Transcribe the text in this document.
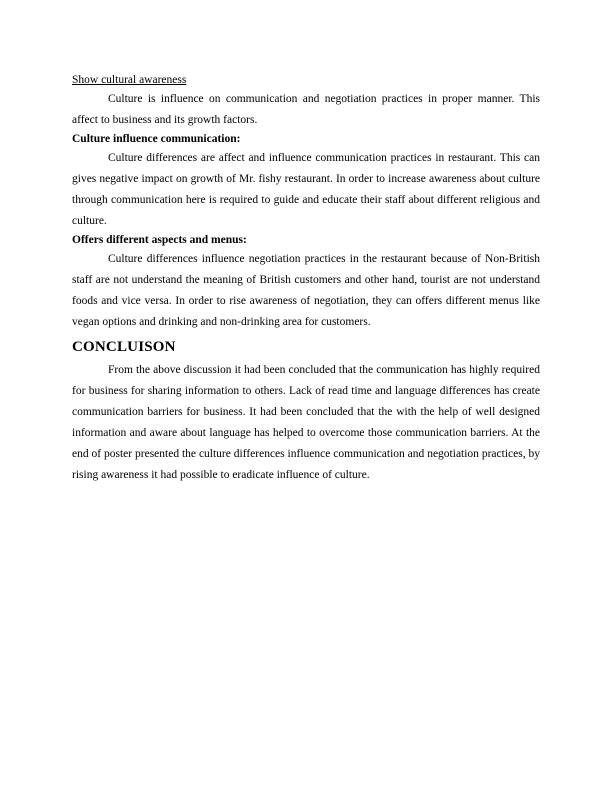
Show cultural awareness

Culture is influence on communication and negotiation practices in proper manner. This affect to business and its growth factors.

Culture influence communication:

Culture differences are affect and influence communication practices in restaurant. This can gives negative impact on growth of Mr. fishy restaurant. In order to increase awareness about culture through communication here is required to guide and educate their staff about different religious and culture.

Offers different aspects and menus:

Culture differences influence negotiation practices in the restaurant because of Non-British staff are not understand the meaning of British customers and other hand, tourist are not understand foods and vice versa. In order to rise awareness of negotiation, they can offers different menus like vegan options and drinking and non-drinking area for customers.

CONCLUISON

From the above discussion it had been concluded that the communication has highly required for business for sharing information to others. Lack of read time and language differences has create communication barriers for business. It had been concluded that the with the help of well designed information and aware about language has helped to overcome those communication barriers. At the end of poster presented the culture differences influence communication and negotiation practices, by rising awareness it had possible to eradicate influence of culture.
